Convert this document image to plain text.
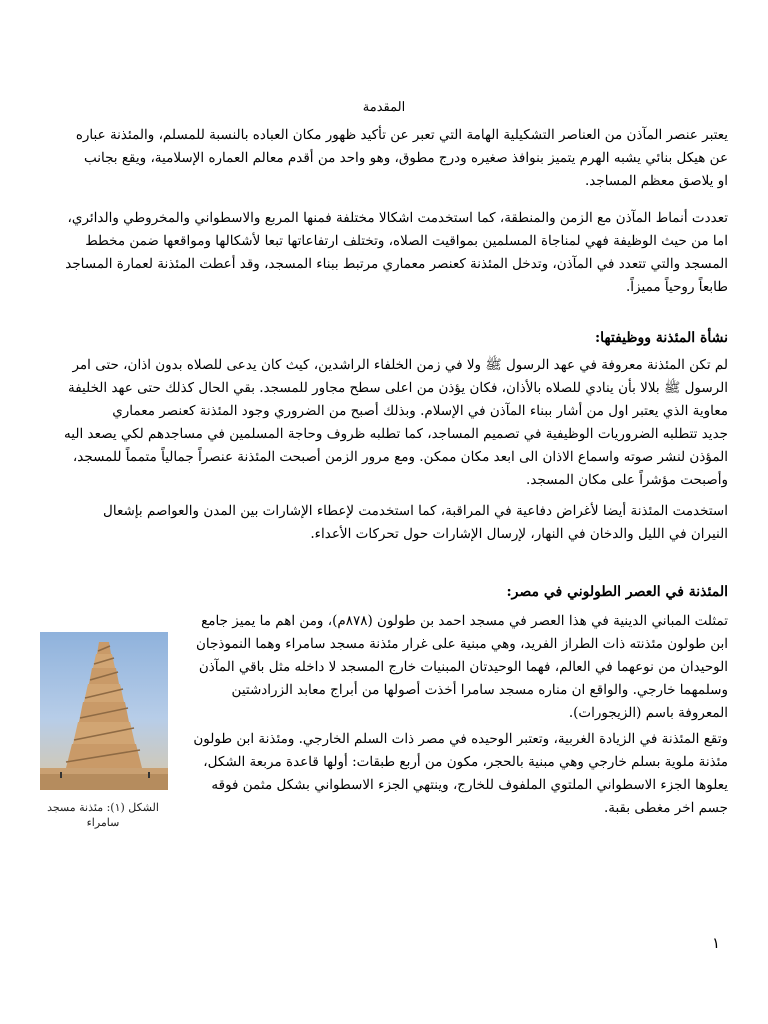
المقدمة
يعتبر عنصر المآذن من العناصر التشكيلية الهامة التي تعبر عن تأكيد ظهور مكان العباده بالنسبة للمسلم، والمئذنة عباره
عن هيكل بنائي يشبه الهرم يتميز بنوافذ صغيره ودرج مطوق، وهو واحد من أقدم معالم العماره الإسلامية، ويقع بجانب
او يلاصق معظم المساجد.
تعددت أنماط المآذن مع الزمن والمنطقة، كما استخدمت اشكالا مختلفة فمنها المربع والاسطواني والمخروطي والدائري،
اما من حيث الوظيفة فهي لمناجاة المسلمين بمواقيت الصلاه، وتختلف ارتفاعاتها تبعا لأشكالها ومواقعها ضمن مخطط
المسجد والتي تتعدد في المآذن، وتدخل المئذنة كعنصر معماري مرتبط ببناء المسجد، وقد أعطت المئذنة لعمارة المساجد
طابعاً روحياً مميزاً.
نشأة المئذنة ووظيفتها:
لم تكن المئذنة معروفة في عهد الرسول ﷺ ولا في زمن الخلفاء الراشدين، كيث كان يدعى للصلاه بدون اذان، حتى امر
الرسول ﷺ بلالا بأن ينادي للصلاه بالأذان، فكان يؤذن من اعلى سطح مجاور للمسجد. بقي الحال كذلك حتى عهد الخليفة
معاوية الذي يعتبر اول من أشار ببناء المآذن في الإسلام. وبذلك أصبح من الضروري وجود المئذنة كعنصر معماري
جديد تتطلبه الضروريات الوظيفية في تصميم المساجد، كما تطلبه ظروف وحاجة المسلمين في مساجدهم لكي يصعد اليه
المؤذن لنشر صوته واسماع الاذان الى ابعد مكان ممكن. ومع مرور الزمن أصبحت المئذنة عنصراً جمالياً متمماً للمسجد،
وأصبحت مؤشراً على مكان المسجد.
استخدمت المئذنة أيضا لأغراض دفاعية في المراقبة، كما استخدمت لإعطاء الإشارات بين المدن والعواصم بإشعال
النيران في الليل والدخان في النهار، لإرسال الإشارات حول تحركات الأعداء.
المئذنة في العصر الطولوني في مصر:
تمثلت المباني الدينية في هذا العصر في مسجد احمد بن طولون (٨٧٨م)، ومن اهم ما يميز جامع
ابن طولون مئذنته ذات الطراز الفريد، وهي مبنية على غرار مئذنة مسجد سامراء وهما النموذجان
الوحيدان من نوعهما في العالم، فهما الوحيدتان المبنيات خارج المسجد لا داخله مثل باقي المآذن
وسلمهما خارجي. والواقع ان مناره مسجد سامرا أخذت أصولها من أبراج معابد الزرادشتين
المعروفة باسم (الزيجورات).
وتقع المئذنة في الزيادة الغربية، وتعتبر الوحيده في مصر ذات السلم الخارجي. ومئذنة ابن طولون
مئذنة ملوية بسلم خارجي وهي مبنية بالحجر، مكون من أربع طبقات: أولها قاعدة مربعة الشكل،
يعلوها الجزء الاسطواني الملتوي الملفوف للخارج، وينتهي الجزء الاسطواني بشكل مثمن فوقه
جسم اخر مغطى بقبة.
الشكل (١): مئذنة مسجد
سامراء
١
